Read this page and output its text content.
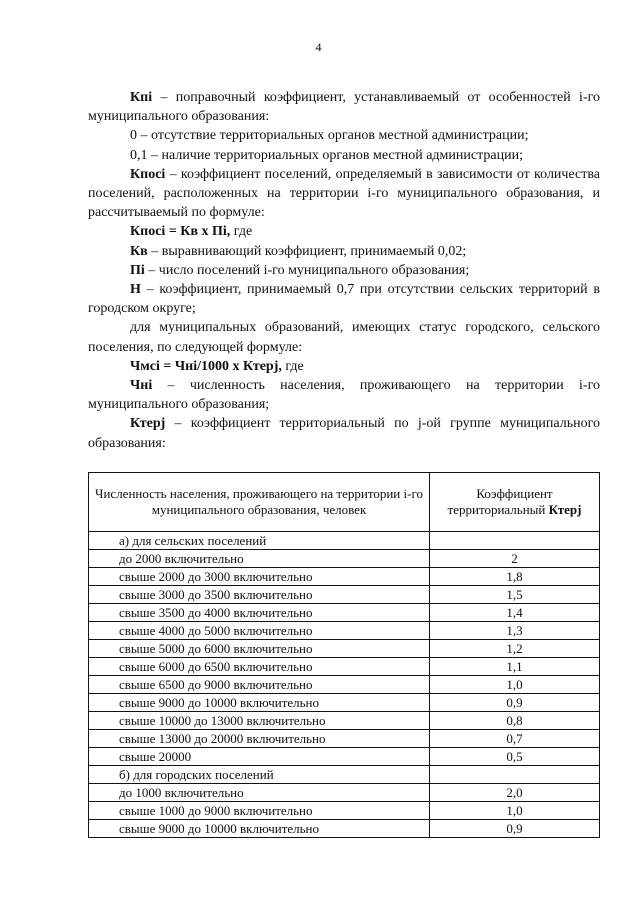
4

Кпi – поправочный коэффициент, устанавливаемый от особенностей i-го муниципального образования:

0 – отсутствие территориальных органов местной администрации;

0,1 – наличие территориальных органов местной администрации;

Кпосi – коэффициент поселений, определяемый в зависимости от количества поселений, расположенных на территории i-го муниципального образования, и рассчитываемый по формуле:

Кпосi = Кв x Пi, где

Кв – выравнивающий коэффициент, принимаемый 0,02;

Пi – число поселений i-го муниципального образования;

Н – коэффициент, принимаемый 0,7 при отсутствии сельских территорий в городском округе;

для муниципальных образований, имеющих статус городского, сельского поселения, по следующей формуле:

Чмсi = Чнi/1000 x Ктерj, где

Чнi – численность населения, проживающего на территории i-го муниципального образования;

Ктерj – коэффициент территориальный по j-ой группе муниципального образования:

Численность населения, проживающего на территории i-го муниципального образования, человек	Коэффициент территориальный Ктерj
а) для сельских поселений	
до 2000 включительно	2
свыше 2000 до 3000 включительно	1,8
свыше 3000 до 3500 включительно	1,5
свыше 3500 до 4000 включительно	1,4
свыше 4000 до 5000 включительно	1,3
свыше 5000 до 6000 включительно	1,2
свыше 6000 до 6500 включительно	1,1
свыше 6500 до 9000 включительно	1,0
свыше 9000 до 10000 включительно	0,9
свыше 10000 до 13000 включительно	0,8
свыше 13000 до 20000 включительно	0,7
свыше 20000	0,5
б) для городских поселений	
до 1000 включительно	2,0
свыше 1000 до 9000 включительно	1,0
свыше 9000 до 10000 включительно	0,9
